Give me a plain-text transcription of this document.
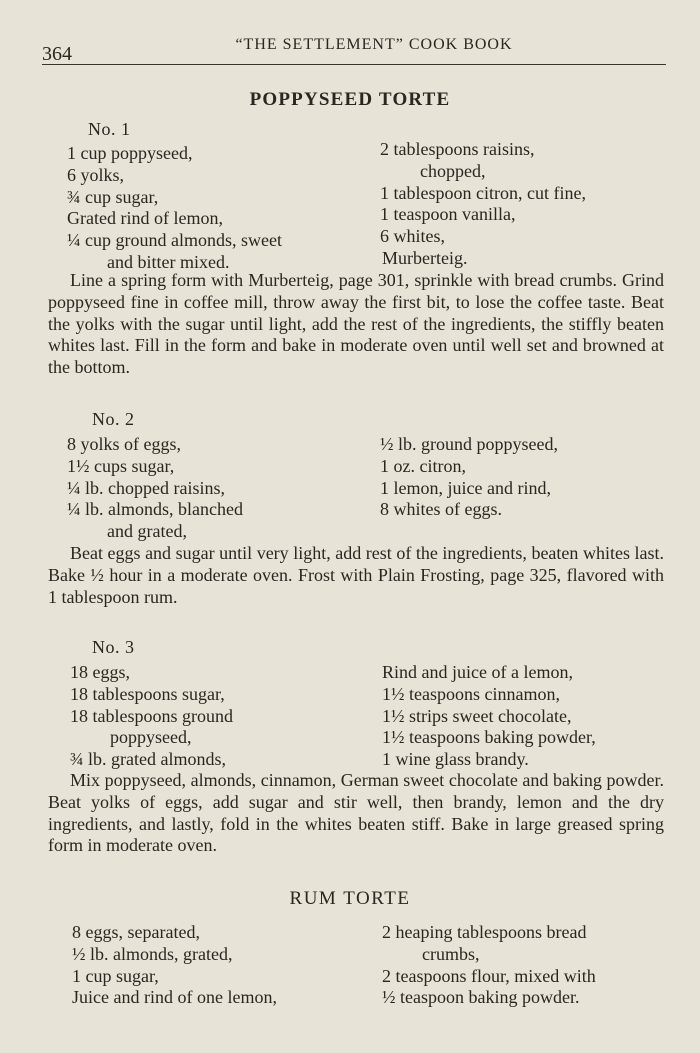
364	“THE SETTLEMENT” COOK BOOK
POPPYSEED TORTE
No. 1
1 cup poppyseed,
6 yolks,
¾ cup sugar,
Grated rind of lemon,
¼ cup ground almonds, sweet
and bitter mixed.
2 tablespoons raisins,
chopped,
1 tablespoon citron, cut fine,
1 teaspoon vanilla,
6 whites,
Murberteig.

Line a spring form with Murberteig, page 301, sprinkle with bread crumbs. Grind poppyseed fine in coffee mill, throw away the first bit, to lose the coffee taste. Beat the yolks with the sugar until light, add the rest of the ingredients, the stiffly beaten whites last. Fill in the form and bake in moderate oven until well set and browned at the bottom.

No. 2
8 yolks of eggs,
1½ cups sugar,
¼ lb. chopped raisins,
¼ lb. almonds, blanched
and grated,
½ lb. ground poppyseed,
1 oz. citron,
1 lemon, juice and rind,
8 whites of eggs.

Beat eggs and sugar until very light, add rest of the ingredients, beaten whites last. Bake ½ hour in a moderate oven. Frost with Plain Frosting, page 325, flavored with 1 tablespoon rum.

No. 3
18 eggs,
18 tablespoons sugar,
18 tablespoons ground
poppyseed,
¾ lb. grated almonds,
Rind and juice of a lemon,
1½ teaspoons cinnamon,
1½ strips sweet chocolate,
1½ teaspoons baking powder,
1 wine glass brandy.

Mix poppyseed, almonds, cinnamon, German sweet chocolate and baking powder. Beat yolks of eggs, add sugar and stir well, then brandy, lemon and the dry ingredients, and lastly, fold in the whites beaten stiff. Bake in large greased spring form in moderate oven.

RUM TORTE
8 eggs, separated,
½ lb. almonds, grated,
1 cup sugar,
Juice and rind of one lemon,
2 heaping tablespoons bread
crumbs,
2 teaspoons flour, mixed with
½ teaspoon baking powder.
